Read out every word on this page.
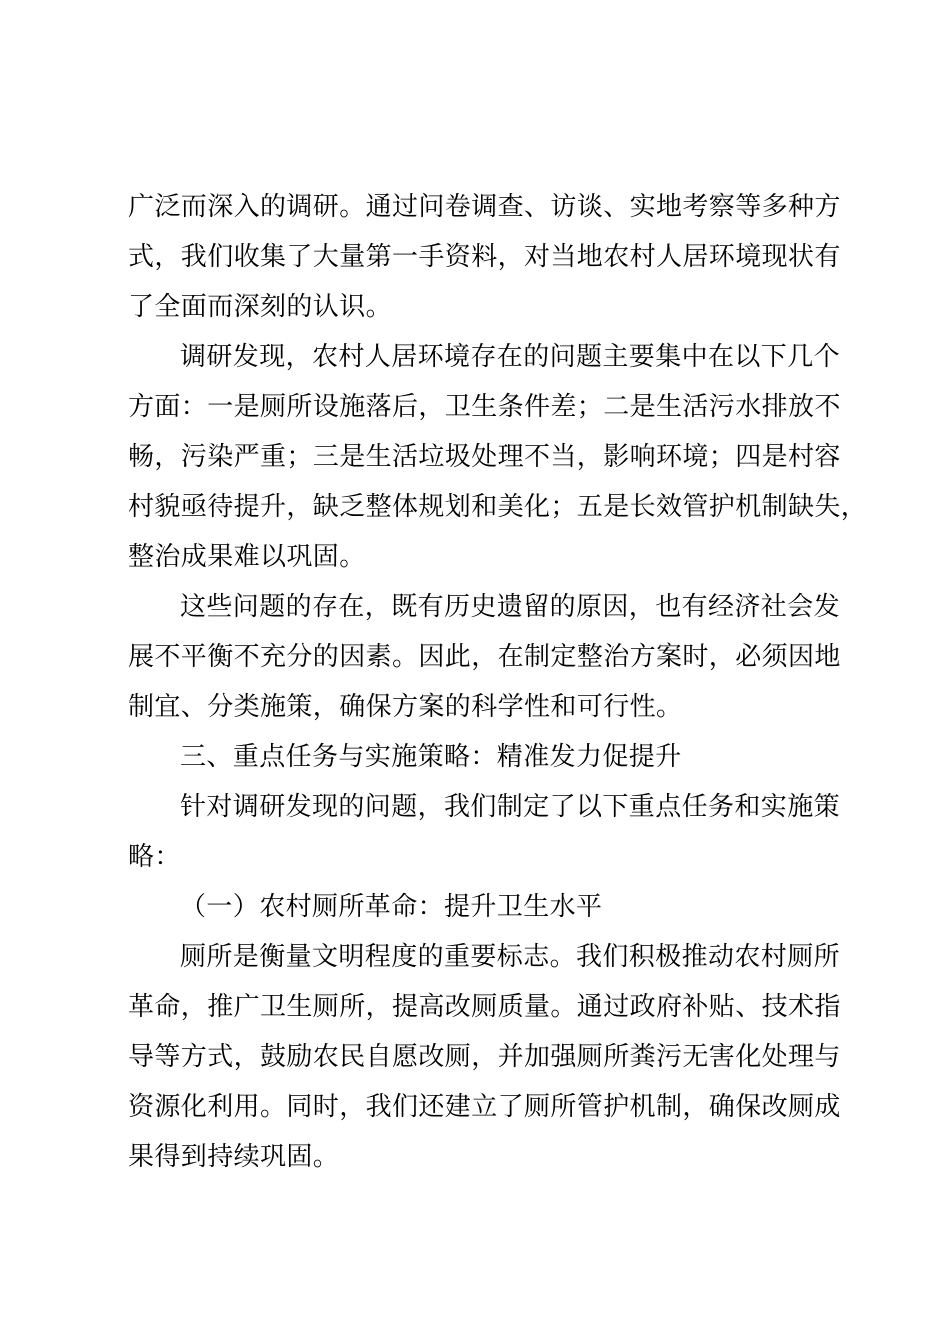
广泛而深入的调研。通过问卷调查、访谈、实地考察等多种方
式，我们收集了大量第一手资料，对当地农村人居环境现状有
了全面而深刻的认识。
调研发现，农村人居环境存在的问题主要集中在以下几个
方面：一是厕所设施落后，卫生条件差；二是生活污水排放不
畅，污染严重；三是生活垃圾处理不当，影响环境；四是村容
村貌亟待提升，缺乏整体规划和美化；五是长效管护机制缺失，
整治成果难以巩固。
这些问题的存在，既有历史遗留的原因，也有经济社会发
展不平衡不充分的因素。因此，在制定整治方案时，必须因地
制宜、分类施策，确保方案的科学性和可行性。
三、重点任务与实施策略：精准发力促提升
针对调研发现的问题，我们制定了以下重点任务和实施策
略：
（一）农村厕所革命：提升卫生水平
厕所是衡量文明程度的重要标志。我们积极推动农村厕所
革命，推广卫生厕所，提高改厕质量。通过政府补贴、技术指
导等方式，鼓励农民自愿改厕，并加强厕所粪污无害化处理与
资源化利用。同时，我们还建立了厕所管护机制，确保改厕成
果得到持续巩固。
